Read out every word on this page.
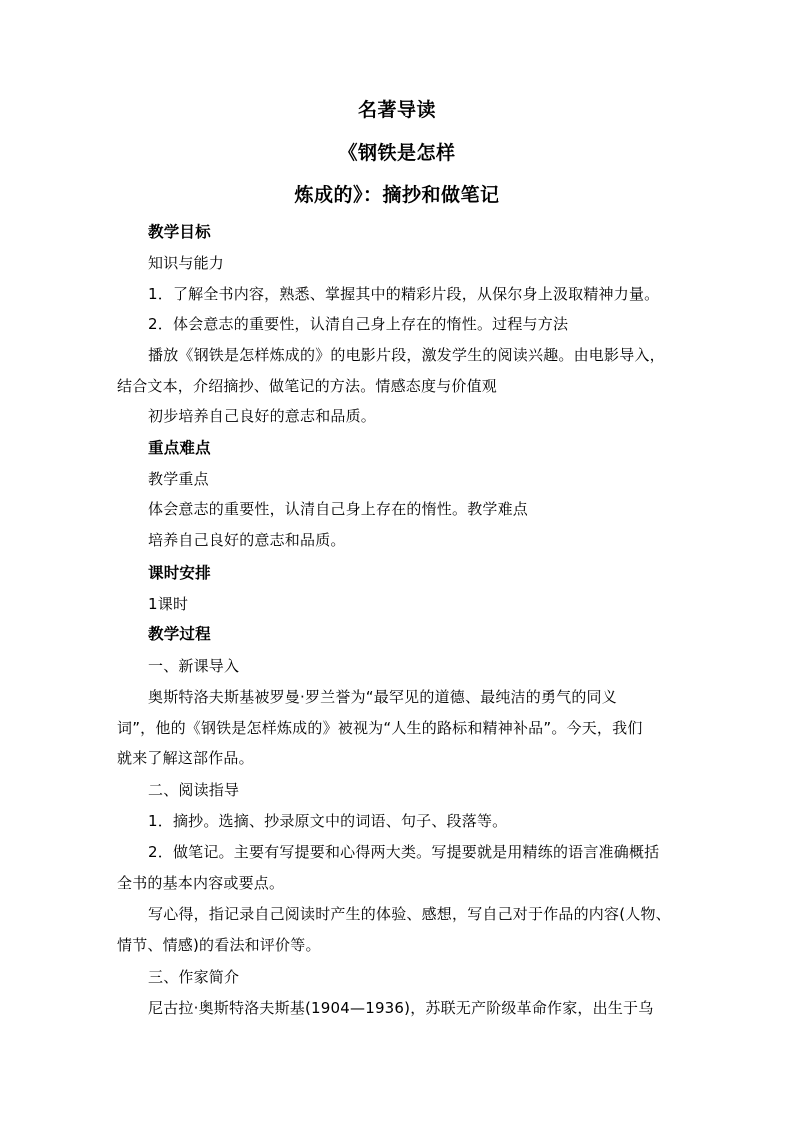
名著导读
《钢铁是怎样
炼成的》：摘抄和做笔记
教学目标
知识与能力
1．了解全书内容，熟悉、掌握其中的精彩片段，从保尔身上汲取精神力量。
2．体会意志的重要性，认清自己身上存在的惰性。过程与方法
播放《钢铁是怎样炼成的》的电影片段，激发学生的阅读兴趣。由电影导入，
结合文本，介绍摘抄、做笔记的方法。情感态度与价值观
初步培养自己良好的意志和品质。
重点难点
教学重点
体会意志的重要性，认清自己身上存在的惰性。教学难点
培养自己良好的意志和品质。
课时安排
1课时
教学过程
一、新课导入
奥斯特洛夫斯基被罗曼·罗兰誉为“最罕见的道德、最纯洁的勇气的同义
词”，他的《钢铁是怎样炼成的》被视为“人生的路标和精神补品”。今天，我们
就来了解这部作品。
二、阅读指导
1．摘抄。选摘、抄录原文中的词语、句子、段落等。
2．做笔记。主要有写提要和心得两大类。写提要就是用精练的语言准确概括
全书的基本内容或要点。
写心得，指记录自己阅读时产生的体验、感想，写自己对于作品的内容(人物、
情节、情感)的看法和评价等。
三、作家简介
尼古拉·奥斯特洛夫斯基(1904—1936)，苏联无产阶级革命作家，出生于乌
